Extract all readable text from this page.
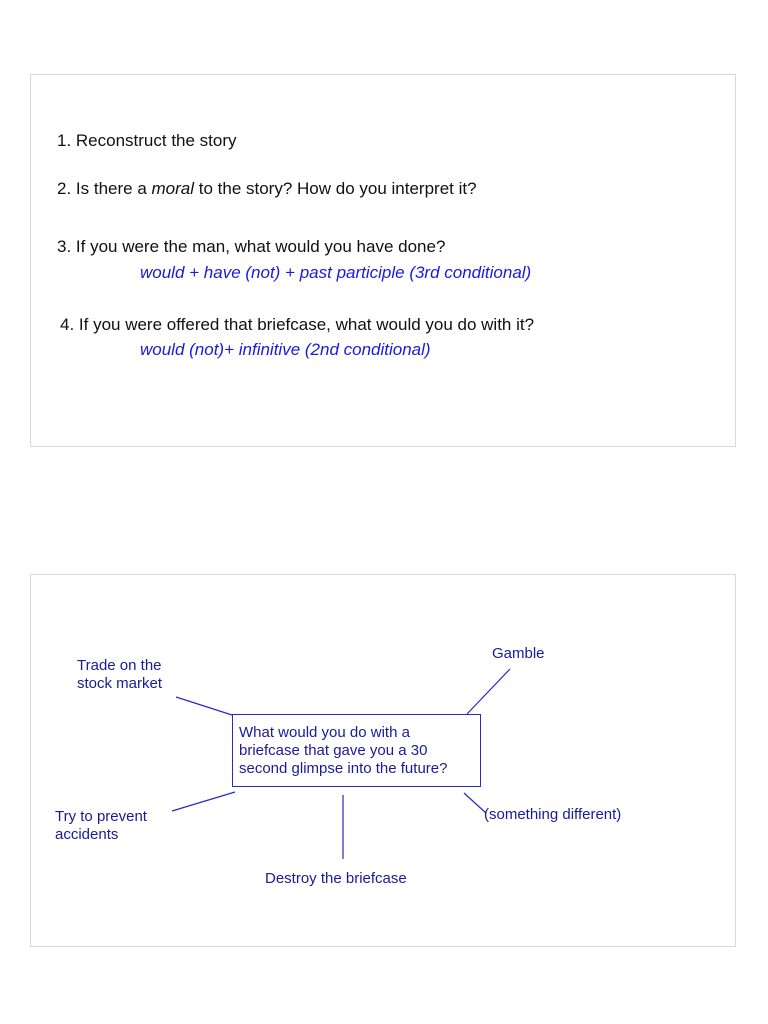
1. Reconstruct the story
2. Is there a moral to the story? How do you interpret it?
3. If you were the man, what would you have done?
would + have (not) + past participle (3rd conditional)
4. If you were offered that briefcase, what would you do with it?
would (not)+ infinitive (2nd conditional)
What would you do with a
briefcase that gave you a 30
second glimpse into the future?
Trade on the
stock market
Gamble
Try to prevent
accidents
Destroy the briefcase
(something different)
